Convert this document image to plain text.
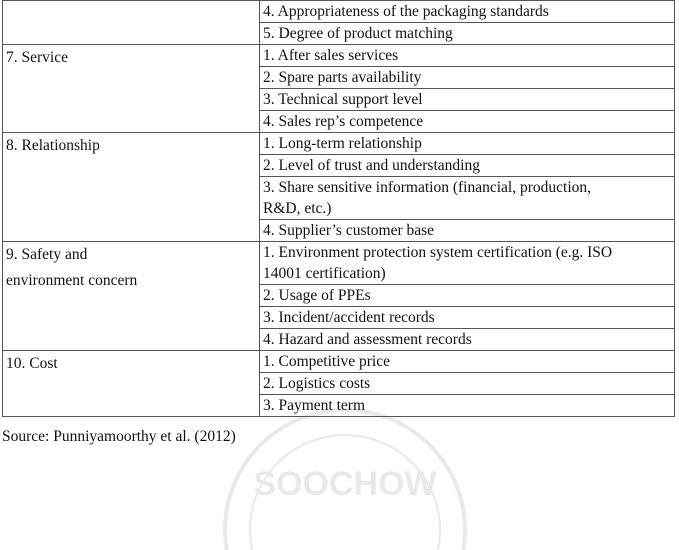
	4. Appropriateness of the packaging standards
	5. Degree of product matching
7. Service	1. After sales services
	2. Spare parts availability
	3. Technical support level
	4. Sales rep’s competence
8. Relationship	1. Long-term relationship
	2. Level of trust and understanding
	3. Share sensitive information (financial, production,
R&D, etc.)
	4. Supplier’s customer base
9. Safety and
environment concern	1. Environment protection system certification (e.g. ISO
14001 certification)
	2. Usage of PPEs
	3. Incident/accident records
	4. Hazard and assessment records
10. Cost	1. Competitive price
	2. Logistics costs
	3. Payment term
Source: Punniyamoorthy et al. (2012)
SOOCHOW
